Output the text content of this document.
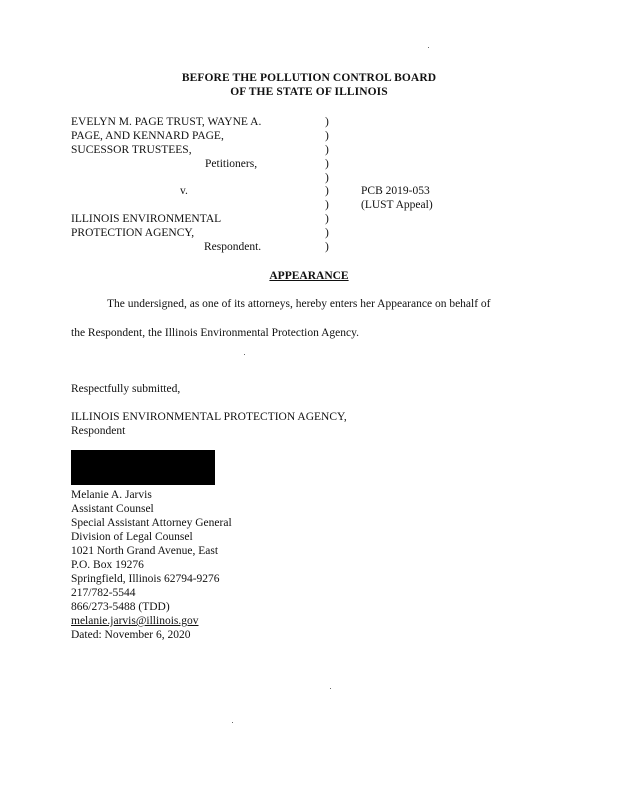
BEFORE THE POLLUTION CONTROL BOARD
OF THE STATE OF ILLINOIS
EVELYN M. PAGE TRUST, WAYNE A.
PAGE, AND KENNARD PAGE,
SUCESSOR TRUSTEES,
Petitioners,
v.
ILLINOIS ENVIRONMENTAL
PROTECTION AGENCY,
Respondent.
)
)
)
)
)
)
)
)
)
)
PCB 2019-053
(LUST Appeal)
APPEARANCE
The undersigned, as one of its attorneys, hereby enters her Appearance on behalf of
the Respondent, the Illinois Environmental Protection Agency.
Respectfully submitted,
ILLINOIS ENVIRONMENTAL PROTECTION AGENCY,
Respondent
Melanie A. Jarvis
Assistant Counsel
Special Assistant Attorney General
Division of Legal Counsel
1021 North Grand Avenue, East
P.O. Box 19276
Springfield, Illinois 62794-9276
217/782-5544
866/273-5488 (TDD)
melanie.jarvis@illinois.gov
Dated: November 6, 2020
